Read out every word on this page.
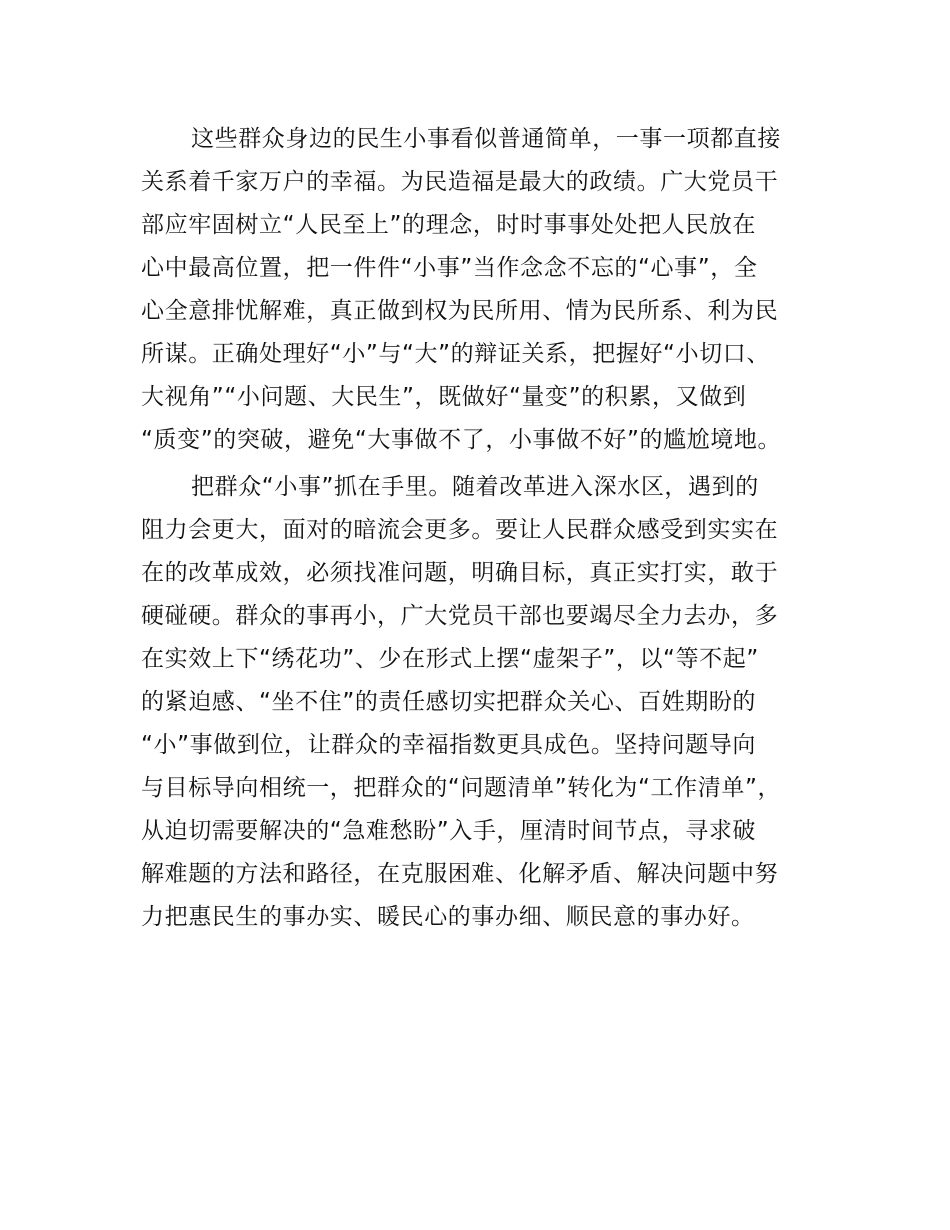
这些群众身边的民生小事看似普通简单，一事一项都直接
关系着千家万户的幸福。为民造福是最大的政绩。广大党员干
部应牢固树立“人民至上”的理念，时时事事处处把人民放在
心中最高位置，把一件件“小事”当作念念不忘的“心事”，全
心全意排忧解难，真正做到权为民所用、情为民所系、利为民
所谋。正确处理好“小”与“大”的辩证关系，把握好“小切口、
大视角”“小问题、大民生”，既做好“量变”的积累，又做到
“质变”的突破，避免“大事做不了，小事做不好”的尴尬境地。
把群众“小事”抓在手里。随着改革进入深水区，遇到的
阻力会更大，面对的暗流会更多。要让人民群众感受到实实在
在的改革成效，必须找准问题，明确目标，真正实打实，敢于
硬碰硬。群众的事再小，广大党员干部也要竭尽全力去办，多
在实效上下“绣花功”、少在形式上摆“虚架子”，以“等不起”
的紧迫感、“坐不住”的责任感切实把群众关心、百姓期盼的
“小”事做到位，让群众的幸福指数更具成色。坚持问题导向
与目标导向相统一，把群众的“问题清单”转化为“工作清单”，
从迫切需要解决的“急难愁盼”入手，厘清时间节点，寻求破
解难题的方法和路径，在克服困难、化解矛盾、解决问题中努
力把惠民生的事办实、暖民心的事办细、顺民意的事办好。
